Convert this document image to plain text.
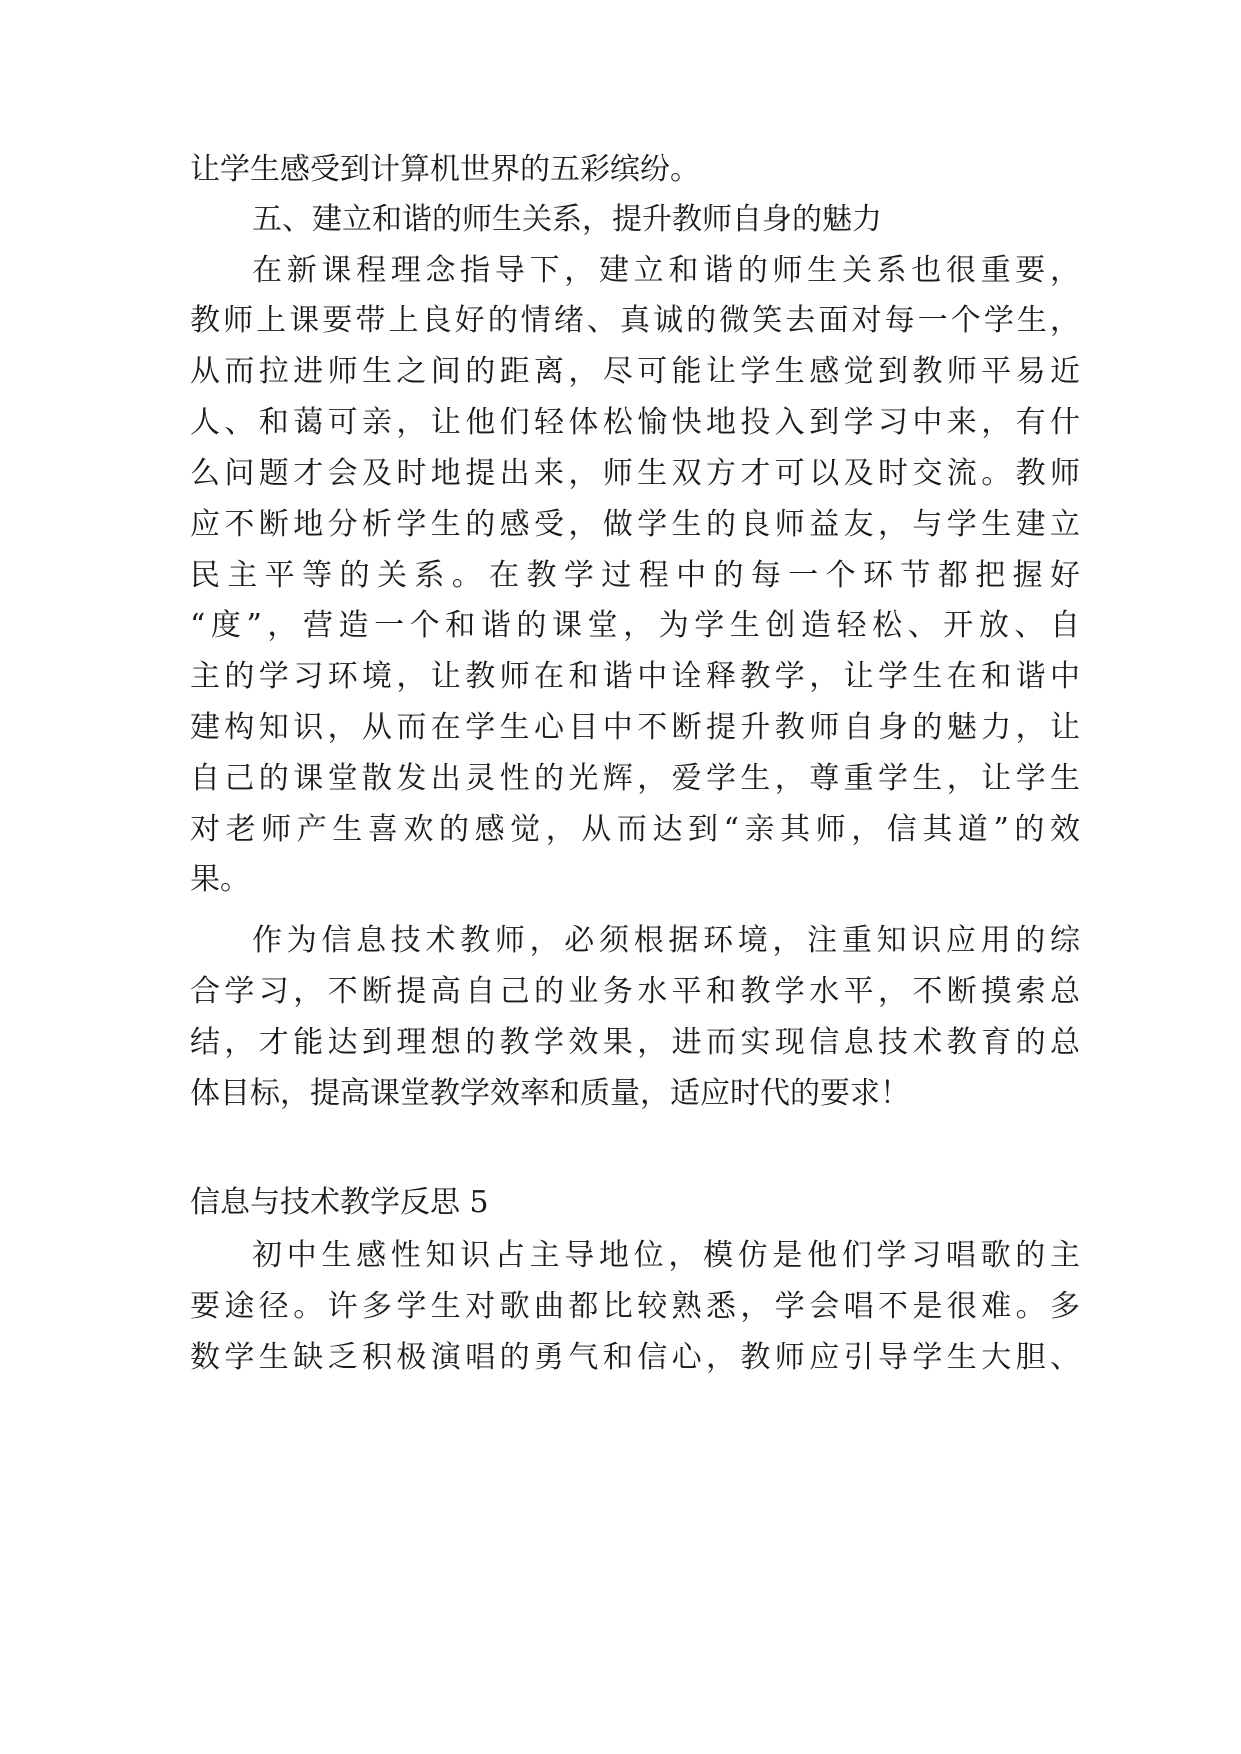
让学生感受到计算机世界的五彩缤纷。
五、建立和谐的师生关系，提升教师自身的魅力
在新课程理念指导下，建立和谐的师生关系也很重要，
教师上课要带上良好的情绪、真诚的微笑去面对每一个学生，
从而拉进师生之间的距离，尽可能让学生感觉到教师平易近
人、和蔼可亲，让他们轻体松愉快地投入到学习中来，有什
么问题才会及时地提出来，师生双方才可以及时交流。教师
应不断地分析学生的感受，做学生的良师益友，与学生建立
民主平等的关系。在教学过程中的每一个环节都把握好
“度”，营造一个和谐的课堂，为学生创造轻松、开放、自
主的学习环境，让教师在和谐中诠释教学，让学生在和谐中
建构知识，从而在学生心目中不断提升教师自身的魅力，让
自己的课堂散发出灵性的光辉，爱学生，尊重学生，让学生
对老师产生喜欢的感觉，从而达到“亲其师，信其道”的效
果。
作为信息技术教师，必须根据环境，注重知识应用的综
合学习，不断提高自己的业务水平和教学水平，不断摸索总
结，才能达到理想的教学效果，进而实现信息技术教育的总
体目标，提高课堂教学效率和质量，适应时代的要求！
信息与技术教学反思 5
初中生感性知识占主导地位，模仿是他们学习唱歌的主
要途径。许多学生对歌曲都比较熟悉，学会唱不是很难。多
数学生缺乏积极演唱的勇气和信心，教师应引导学生大胆、
